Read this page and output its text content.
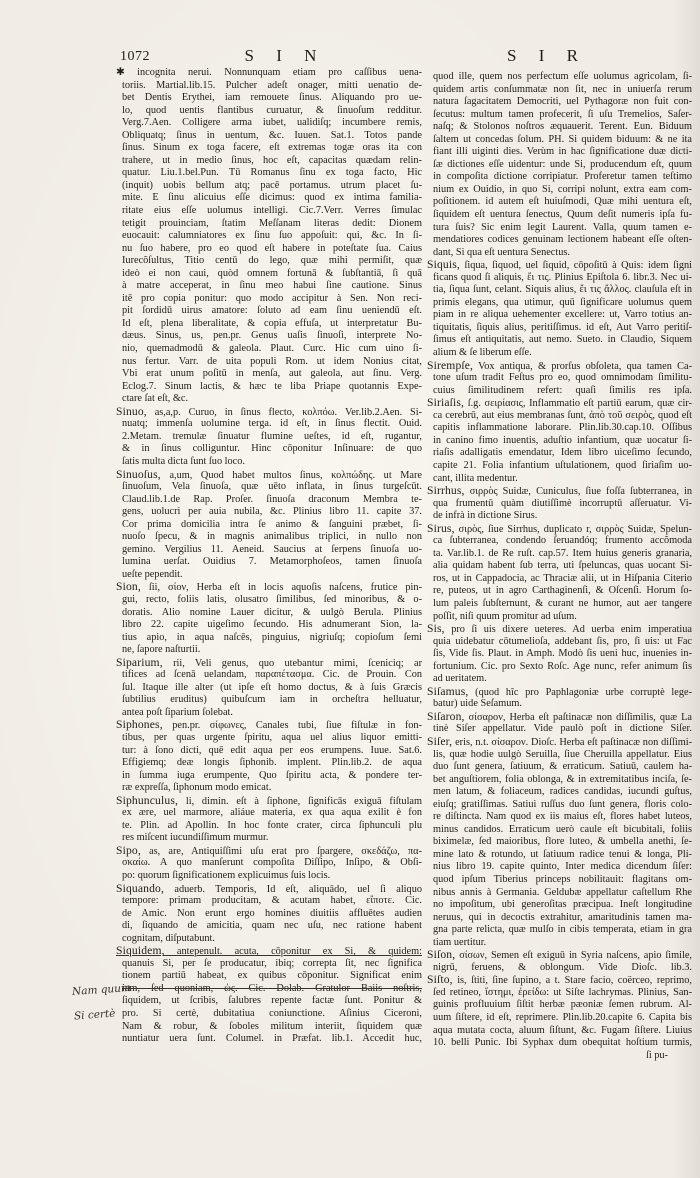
1072	S I N	S I R
✱ incognita nerui. Nonnunquam etiam pro caſſibus uena-
toriis. Martial.lib.15. Pulcher adeſt onager, mitti uenatio de-
bet Dentis Erythei, iam remouete ſinus. Aliquando pro ue-
lo, quod uentis flantibus curuatur, & ſinuoſum redditur.
Verg.7.Aen. Colligere arma iubet, ualidiſq; incumbere remis,
Obliquatq; ſinus in uentum, &c. Iuuen. Sat.1. Totos pande
ſinus. Sinum ex toga facere, eſt extremas togæ oras ita con
trahere, ut in medio ſinus, hoc eſt, capacitas quædam relin-
quatur. Liu.1.bel.Pun. Tū Romanus ſinu ex toga facto, Hic
(inquit) uobis bellum atq; pacē portamus. utrum placet ſu-
mite. E ſinu alicuius eſſe dicimus: quod ex intima familia-
ritate eius eſſe uolumus intelligi. Cic.7.Verr. Verres ſimulac
tetigit prouinciam, ſtatim Meſſanam literas dedit: Dionem
euocauit: calumniatores ex ſinu ſuo appoſuit: qui, &c. In ſi-
nu ſuo habere, pro eo quod eſt habere in poteſtate ſua. Caius
Iurecõſultus, Titio centū do lego, quæ mihi permiſit, quæ
ideò ei non caui, quòd omnem fortunā & ſubſtantiā, ſi quā
à matre acceperat, in ſinu meo habui ſine cautione. Sinus
itē pro copia ponitur: quo modo accipitur à Sen. Non reci-
pit ſordidū uirus amatore: ſoluto ad eam ſinu ueniendū eſt.
Id eſt, plena liberalitate, & copia effuſa, ut interpretatur Bu-
dæus. Sinus, us, pen.pr. Genus uaſis ſinuoſi, interprete No-
nio, quemadmodū & galeola. Plaut. Curc. Hic cum uino ſi-
nus fertur. Varr. de uita populi Rom. ut idem Nonius citat,
Vbi erat unum poſitū in menſa, aut galeola, aut ſinu. Verg.
Eclog.7. Sinum lactis, & hæc te liba Priape quotannis Expe-
ctare ſat eſt, &c.
Sinuo, as,a,p. Curuo, in ſinus flecto, κολπόω. Ver.lib.2.Aen. Si-
nuatq; immenſa uolumine terga. id eſt, in ſinus flectit. Ouid.
2.Metam. tremulæ ſinuatur flumine ueſtes, id eſt, rugantur,
& in ſinus colliguntur. Hinc cōponitur Inſinuare: de quo
ſatis multa dicta ſunt ſuo loco.
Sinuoſus, a,um, Quod habet multos ſinus, κολπώδης. ut Mare
ſinuoſum, Vela ſinuoſa, quæ uēto inflata, in ſinus turgeſcūt.
Claud.lib.1.de Rap. Proſer. ſinuoſa draconum Membra te-
gens, uolucri per auia nubila, &c. Plinius libro 11. capite 37.
Cor prima domicilia intra ſe animo & ſanguini præbet, ſi-
nuoſo ſpecu, & in magnis animalibus triplici, in nullo non
gemino. Vergilius 11. Aeneid. Saucius at ſerpens ſinuoſa uo-
lumina uerſat. Ouidius 7. Metamorphoſeos, tamen ſinuoſa
ueſte pependit.
Sion, ſii, σίον, Herba eſt in locis aquoſis naſcens, frutice pin-
gui, recto, foliis latis, olusatro ſimilibus, ſed minoribus, & o-
doratis. Alio nomine Lauer dicitur, & uulgò Berula. Plinius
libro 22. capite uigeſimo ſecundo. His adnumerant Sion, la-
tius apio, in aqua naſcēs, pinguius, nigriuſq; copioſum ſemi
ne, ſapore naſturtii.
Siparium, rii, Veli genus, quo utebantur mimi, ſceniciq; ar
tifices ad ſcenā uelandam, παραπέτασμα. Cic. de Prouin. Con
ſul. Itaque ille alter (ut ipſe eſt homo doctus, & à ſuis Græcis
ſubtilius eruditus) quibuſcum iam in orcheſtra helluatur,
antea poſt ſiparium ſolebat.
Siphones, pen.pr. σίφωνες, Canales tubi, ſiue fiſtulæ in fon-
tibus, per quas urgente ſpiritu, aqua uel alius liquor emitti-
tur: à ſono dicti, quē edit aqua per eos erumpens. Iuue. Sat.6.
Effigiemq; deæ longis ſiphonib. implent. Plin.lib.2. de aqua
in ſumma iuga erumpente, Quo ſpiritu acta, & pondere ter-
ræ expreſſa, ſiphonum modo emicat.
Siphunculus, li, dimin. eſt à ſiphone, ſignificās exiguā fiſtulam
ex ære, uel marmore, aliáue materia, ex qua aqua exilit è fon
te. Plin. ad Apollin. In hoc fonte crater, circa ſiphunculi plu
res miſcent iucundiſſimum murmur.
Sipo, as, are, Antiquiſſimi uſu erat pro ſpargere, σκεδάζω, πα-
σκαίω. A quo manſerunt compoſita Diſſipo, Inſipo, & Obſi-
po: quorum ſignificationem explicuimus ſuis locis.
Siquando, aduerb. Temporis, Id eſt, aliquādo, uel ſi aliquo
tempore: primam producitam, & acutam habet, εἴποτε. Cic.
de Amic. Non erunt ergo homines diuitiis affluētes audien
di, ſiquando de amicitia, quam nec uſu, nec ratione habent
cognitam, diſputabunt.
Siquidem, antepenult. acuta, cōponitur ex Si, & quidem:
quanuis Si, per ſe producatur, ibiq; correpta ſit, nec ſignifica
tionem partiū habeat, ex quibus cōponitur. Significat enim
iam, ſed quoniam, ὡς. Cic. Dolab. Gratulor Baiis noſtris,
ſiquidem, ut ſcribis, ſalubres repente factæ ſunt. Ponitur &
pro. Si certè, dubitatiua coniunctione. Aſinius Ciceroni,
Nam & robur, & ſoboles militum interiit, ſiquidem quæ
nuntiatur uera ſunt. Columel. in Præfat. lib.1. Accedit huc,
quod ille, quem nos perfectum eſſe uolumus agricolam, ſi-
quidem artis conſummatæ non ſit, nec in uniuerſa rerum
natura ſagacitatem Democriti, uel Pythagoræ non fuit con-
ſecutus: multum tamen profecerit, ſi uſu Tremelios, Saſer-
naſq; & Stolonos noſtros æquauerit. Terent. Eun. Biduum
ſaltem ut concedas ſolum. PH. Si quidem biduum: & ne ita
fiant illi uiginti dies. Verùm in hac ſignificatione duæ dicti-
ſæ dictiones eſſe uidentur: unde Si, producendum eſt, quum
in compoſita dictione corripiatur. Proferetur tamen teſtimo
nium ex Ouidio, in quo Si, corripi nolunt, extra eam com-
poſitionem. id autem eſt huiuſmodi, Quæ mihi uentura eſt,
ſiquidem eſt uentura ſenectus, Quum deſit numeris ipſa fu-
tura ſuis? Sic enim legit Laurent. Valla, quum tamen e-
mendatiores codices genuinam lectionem habeant eſſe oſten-
dant, Si qua eſt uentura Senectus.
Siquis, ſiqua, ſiquod, uel ſiquid, cōpoſitū à Quis: idem ſigni
ficans quod ſi aliquis, ἔι τις. Plinius Epiſtola 6. libr.3. Nec ui-
tia, ſiqua ſunt, celant. Siquis alius, ἔι τις ἄλλος. clauſula eſt in
primis elegans, qua utimur, quū ſignificare uolumus quem
piam in re aliqua uehementer excellere: ut, Varro totius an-
tiquitatis, ſiquis alius, peritiſſimus. id eſt, Aut Varro peritiſ-
ſimus eſt antiquitatis, aut nemo. Sueto. in Claudio, Siquem
alium & ſe liberum eſſe.
Sirempſe, Vox antiqua, & prorſus obſoleta, qua tamen Ca-
tone uſum tradit Feſtus pro eo, quod omnimodam ſimilitu-
cuius ſimilitudinem refert: quaſi ſimilis res ipſa.
Siriaſis, ſ.g. σειρίασις, Inflammatio eſt partiū earum, quæ cir-
ca cerebrū, aut eius membranas ſunt, ἀπὸ τοῦ σειρὸς, quod eſt
capitis inflammatione laborare. Plin.lib.30.cap.10. Oſſibus
in canino fimo inuentis, aduſtio infantium, quæ uocatur ſi-
riaſis adalligatis emendatur, Idem libro uiceſimo ſecundo,
capite 21. Folia infantium uſtulationem, quod ſiriaſim uo-
cant, illita medentur.
Sirrhus, σιρρὸς Suidæ, Cuniculus, ſiue foſſa ſubterranea, in
qua frumentū quàm diutiſſimè incorruptū aſſeruatur. Vi-
de infrà in dictione Sirus.
Sirus, σιρὸς, ſiue Sirrhus, duplicato r, σιρρὸς Suidæ, Spelun-
ca ſubterranea, condendo ſeruandóq; frumento accõmoda
ta. Var.lib.1. de Re ruſt. cap.57. Item huius generis granaria,
alia quidam habent ſub terra, uti ſpeluncas, quas uocant Si-
ros, ut in Cappadocia, ac Thraciæ alii, ut in Hiſpania Citerio
re, puteos, ut in agro Carthaginenſi, & Oſcenſi. Horum ſo-
lum paleis ſubſternunt, & curant ne humor, aut aer tangere
poſſit, niſi quum promitur ad uſum.
Sis, pro ſi uis dixere ueteres. Ad uerba enim imperatiua
quia uidebatur cōtumelioſa, addebant ſis, pro, ſi uis: ut Fac
ſis, Vide ſis. Plaut. in Amph. Modò ſis ueni huc, inuenies in-
fortunium. Cic. pro Sexto Roſc. Age nunc, refer animum ſis
ad ueritatem.
Siſamus, (quod hîc pro Paphlagoniæ urbe corruptè lege-
batur) uide Seſamum.
Siſaron, σίσαρον, Herba eſt paſtinacæ non diſſimilis, quæ La
tinè Siſer appellatur. Vide paulò poſt in dictione Siſer.
Siſer, eris, n.t. σίσαρον. Dioſc. Herba eſt paſtinacæ non diſſimi-
lis, quæ hodie uulgò Seruilla, ſiue Cheruilla appellatur. Eius
duo ſunt genera, ſatiuum, & erraticum. Satiuū, caulem ha-
bet anguſtiorem, folia oblonga, & in extremitatibus inciſa, ſe-
men latum, & foliaceum, radices candidas, iucundi guſtus,
eiuſq; gratiſſimas. Satiui ruſſus duo ſunt genera, floris colo-
re diſtincta. Nam quod ex iis maius eſt, flores habet luteos,
minus candidos. Erraticum uerò caule eſt bicubitali, foliis
biximelæ, ſed maioribus, flore luteo, & umbella anethi, ſe-
mine lato & rotundo, ut ſatiuum radice tenui & longa, Pli-
nius libro 19. capite quinto, Inter medica dicendum ſiſer:
quod ipſum Tiberius princeps nobilitauit: flagitans om-
nibus annis à Germania. Geldubæ appellatur caſtellum Rhe
no impoſitum, ubi generoſitas præcipua. Ineſt longitudine
neruus, qui in decoctis extrahitur, amaritudinis tamen ma-
gna parte relicta, quæ mulſo in cibis temperata, etiam in gra
tiam uertitur.
Siſon, σίσων, Semen eſt exiguū in Syria naſcens, apio ſimile,
nigrū, feruens, & oblongum. Vide Dioſc. lib.3.
Siſto, is, ſtiti, ſine ſupino, a t. Stare facio, coërceo, reprimo,
ſed retineo, ἵστημι, ἐρείδω: ut Siſte lachrymas. Plinius, San-
guinis profluuium ſiſtit herbæ pæoniæ ſemen rubrum. Al-
uum ſiſtere, id eſt, reprimere. Plin.lib.20.capite 6. Capita bis
aqua mutata cocta, aluum ſiſtunt, &c. Fugam ſiſtere. Liuius
10. belli Punic. Ibi Syphax dum obequitat hoſtium turmis,
ſi pu-
Nam quum
Si certè
